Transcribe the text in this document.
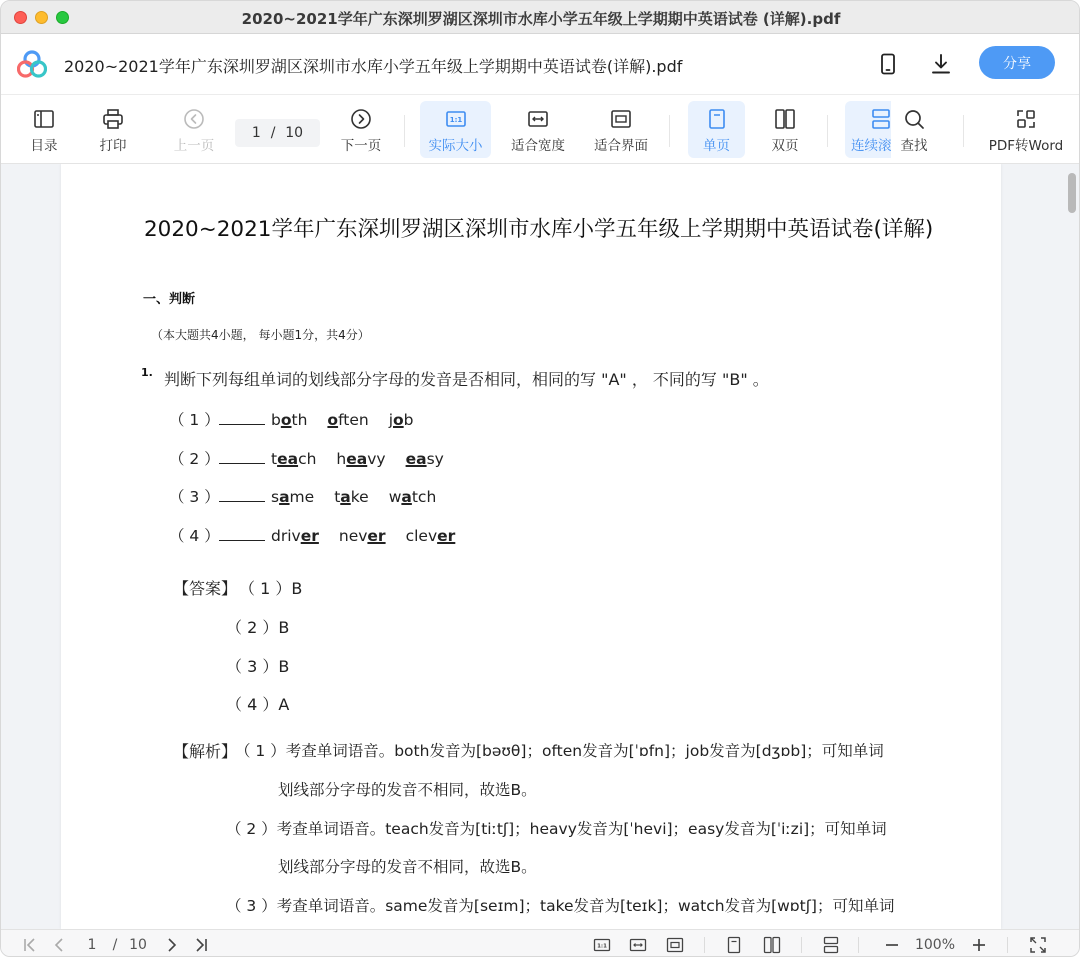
2020~2021学年广东深圳罗湖区深圳市水库小学五年级上学期期中英语试卷 (详解).pdf
2020~2021学年广东深圳罗湖区深圳市水库小学五年级上学期期中英语试卷(详解).pdf	分享
目录	打印	上一页
1 / 10
下一页
1:1
实际大小 适合宽度 适合界面	单页	双页	连续滚 查找	PDF转Word
2020~2021学年广东深圳罗湖区深圳市水库小学五年级上学期期中英语试卷(详解)
一、判断
（本大题共4小题， 每小题1分，共4分）
1. 判断下列每组单词的划线部分字母的发音是否相同，相同的写 "A" ， 不同的写 "B" 。
（ 1 ）	both often job
（ 2 ）	teach heavy easy
（ 3 ）	same take watch
（ 4 ）	driver never clever
【答案】 （ 1 ）B
（ 2 ）B
（ 3 ）B
（ 4 ）A
【解析】
（ 1 ）考查单词语音。both发音为[bəʊθ]；often发音为[ˈɒfn]；job发音为[dʒɒb]；可知单词
划线部分字母的发音不相同，故选B。
（ 2 ）考查单词语音。teach发音为[tiːtʃ]；heavy发音为[ˈhevi]；easy发音为[ˈiːzi]；可知单词
划线部分字母的发音不相同，故选B。
（ 3 ）考查单词语音。same发音为[seɪm]；take发音为[teɪk]；watch发音为[wɒtʃ]；可知单词
1	/ 10	1:1	100%
